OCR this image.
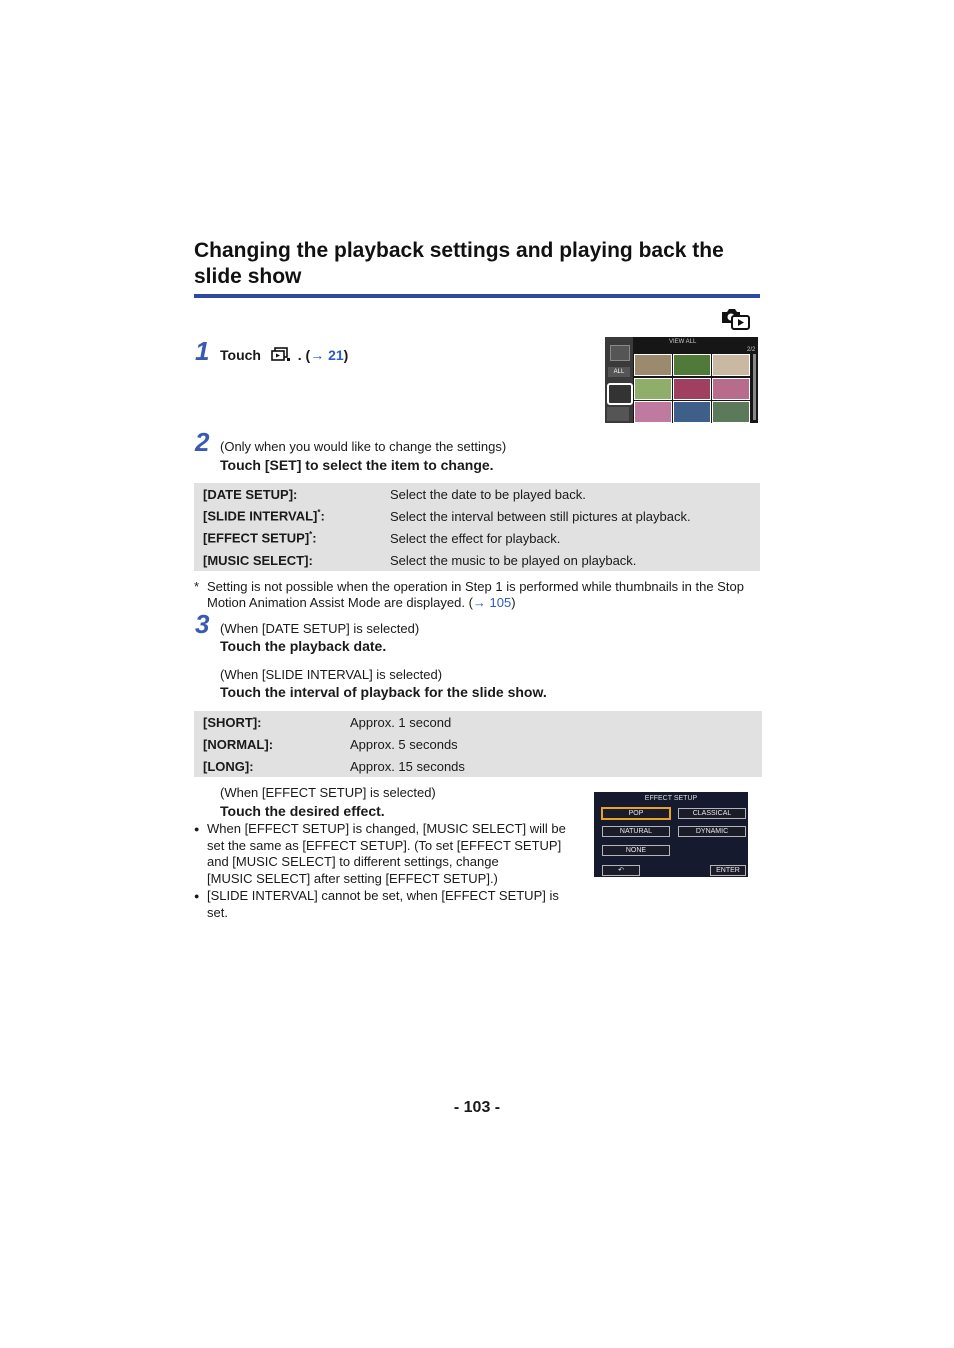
Changing the playback settings and playing back the slide show
1 Touch	. (→ 21)
ALL
VIEW ALL
2/2
2 (Only when you would like to change the settings)
Touch [SET] to select the item to change.
[DATE SETUP]:	Select the date to be played back.
[SLIDE INTERVAL]*:	Select the interval between still pictures at playback.
[EFFECT SETUP]*:	Select the effect for playback.
[MUSIC SELECT]:	Select the music to be played on playback.
* Setting is not possible when the operation in Step 1 is performed while thumbnails in the Stop
Motion Animation Assist Mode are displayed. (→ 105)
3 (When [DATE SETUP] is selected)
Touch the playback date.
(When [SLIDE INTERVAL] is selected)
Touch the interval of playback for the slide show.
[SHORT]:	Approx. 1 second
[NORMAL]:	Approx. 5 seconds
[LONG]:	Approx. 15 seconds
(When [EFFECT SETUP] is selected)
Touch the desired effect.
● When [EFFECT SETUP] is changed, [MUSIC SELECT] will be
set the same as [EFFECT SETUP]. (To set [EFFECT SETUP]
and [MUSIC SELECT] to different settings, change
[MUSIC SELECT] after setting [EFFECT SETUP].)
● [SLIDE INTERVAL] cannot be set, when [EFFECT SETUP] is
set.
EFFECT SETUP
POP	CLASSICAL
NATURAL	DYNAMIC
NONE
↶	ENTER
- 103 -
